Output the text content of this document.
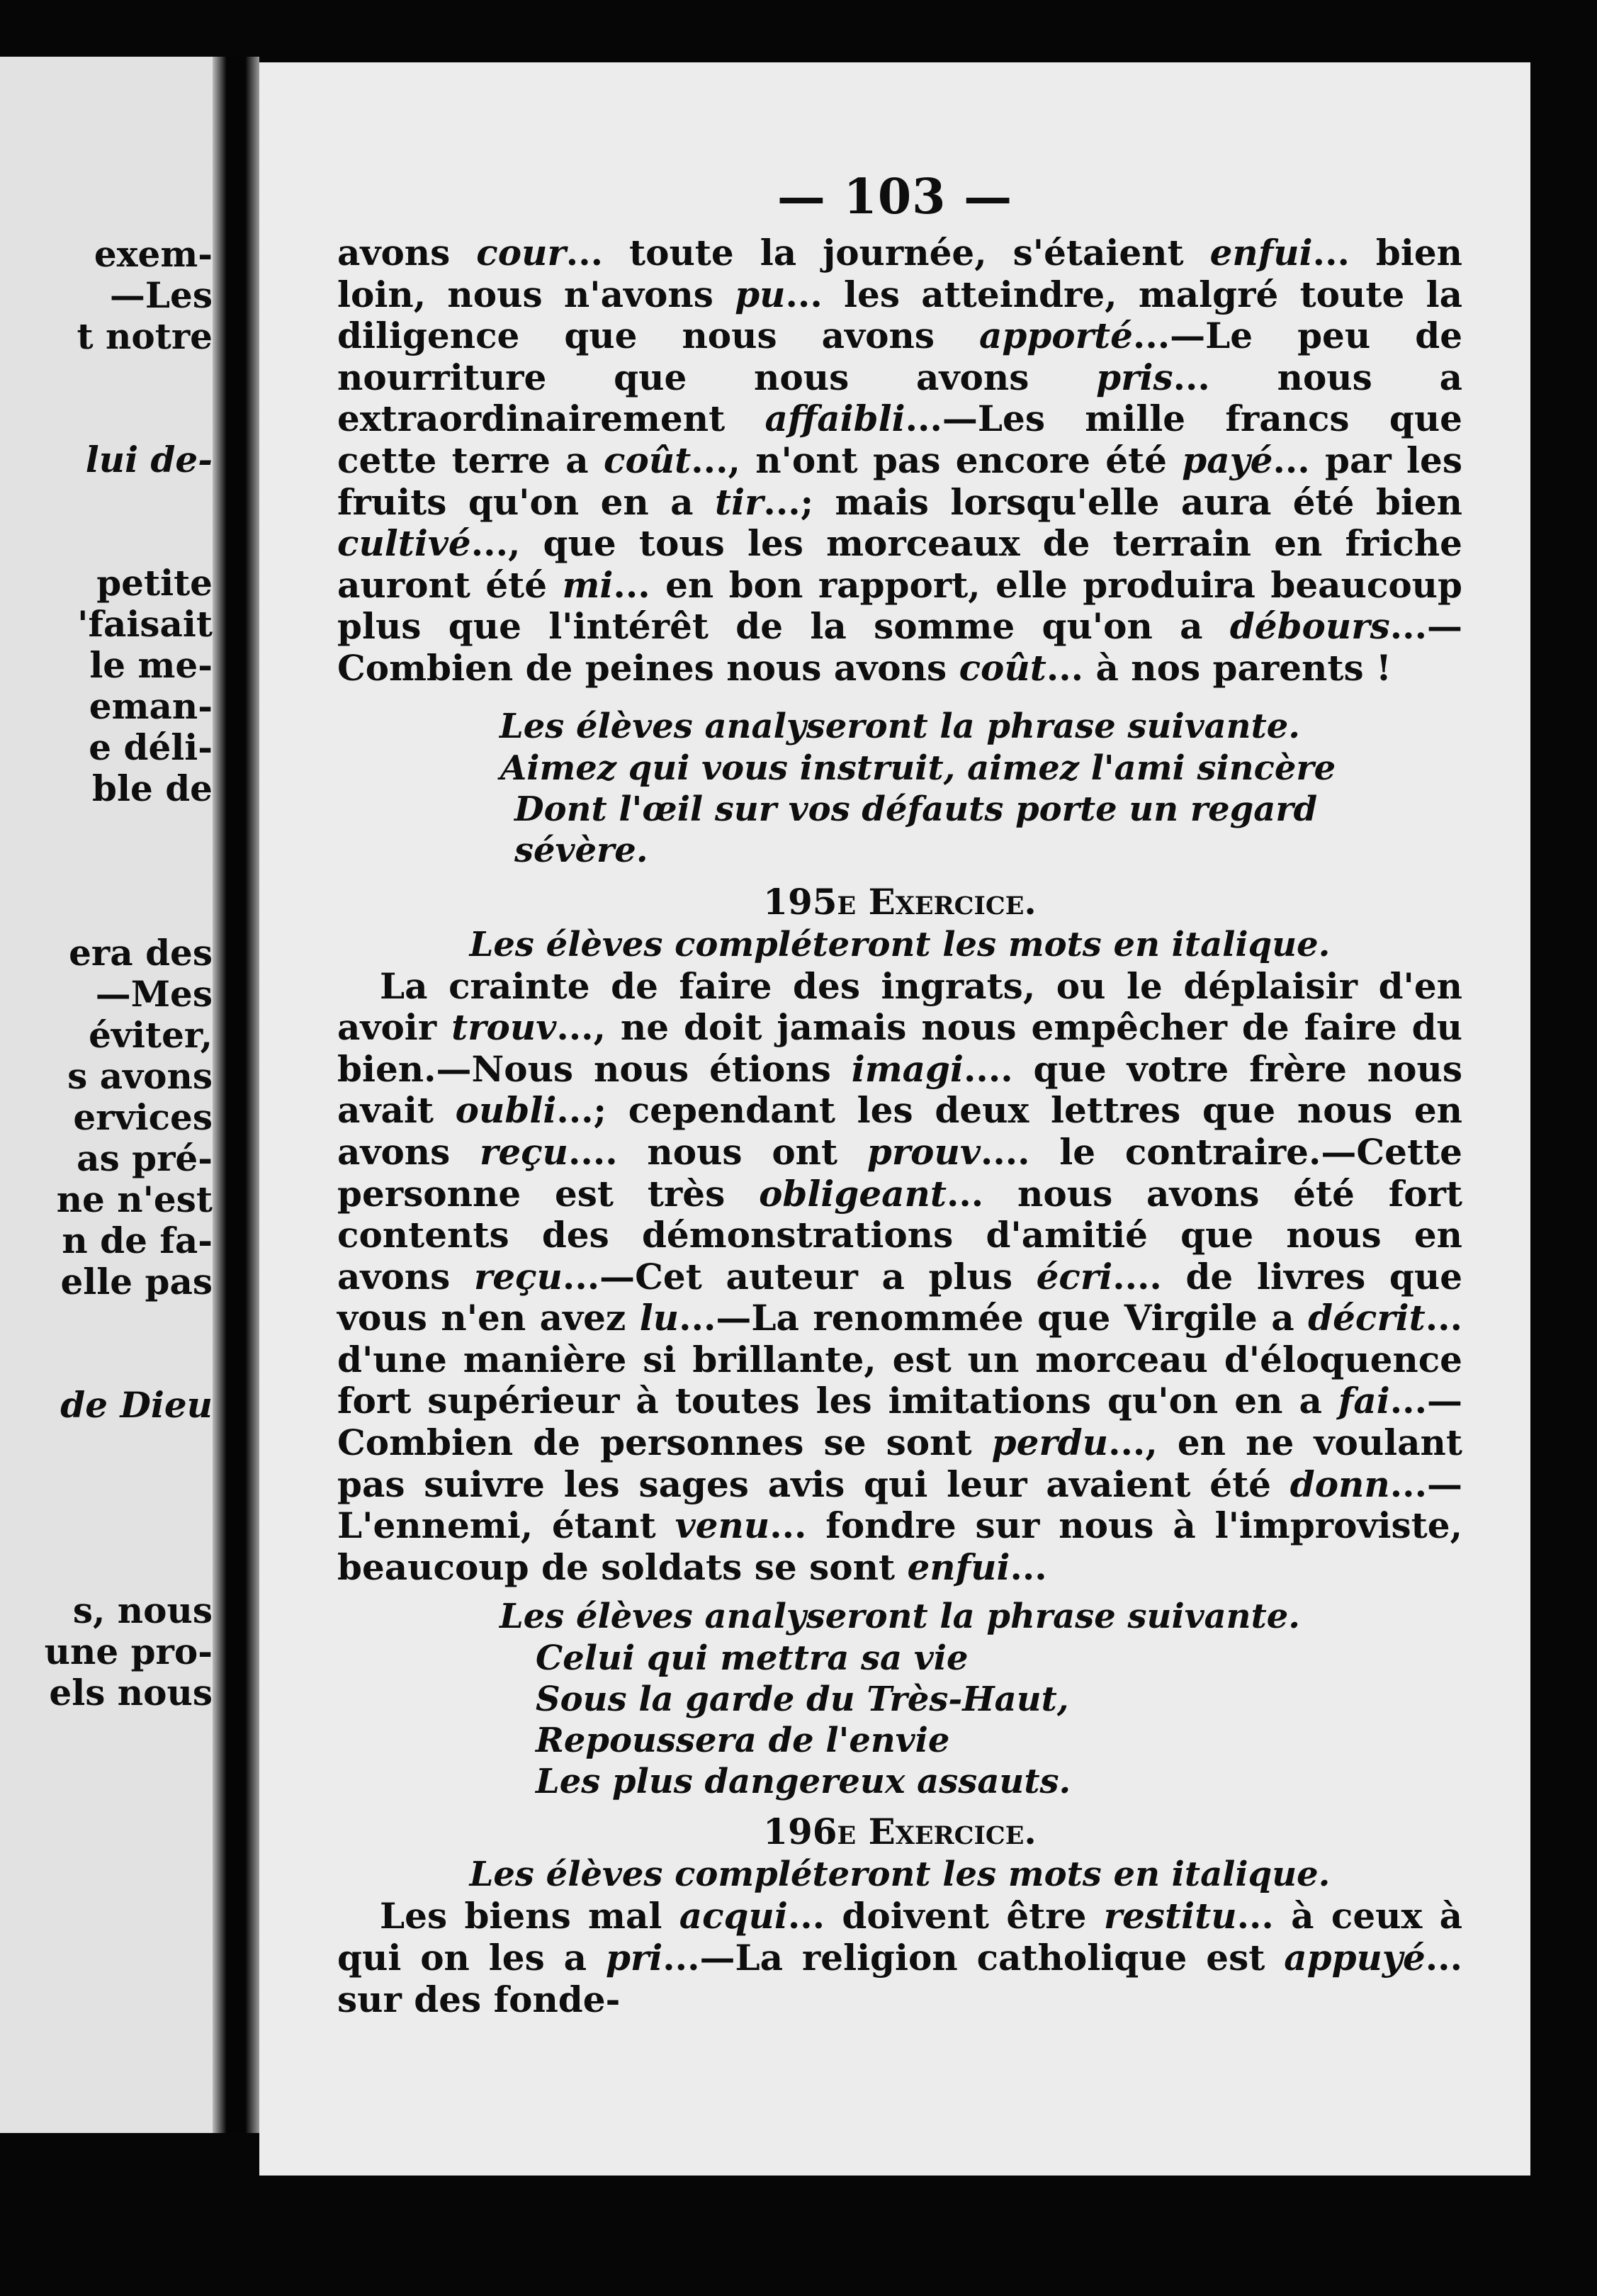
exem-
—Les
t notre
lui de-
petite
'faisait
le me-
eman-
e déli-
ble de
era des
—Mes
éviter,
s avons
ervices
as pré-
ne n'est
n de fa-
elle pas
de Dieu
s, nous
une pro-
els nous
— 103 —

avons cour... toute la journée, s'étaient enfui... bien loin, nous n'avons pu... les atteindre, malgré toute la diligence que nous avons apporté...—Le peu de nourriture que nous avons pris... nous a extraordinairement affaibli...—Les mille francs que cette terre a coût..., n'ont pas encore été payé... par les fruits qu'on en a tir...; mais lorsqu'elle aura été bien cultivé..., que tous les morceaux de terrain en friche auront été mi... en bon rapport, elle produira beaucoup plus que l'intérêt de la somme qu'on a débours...—Combien de peines nous avons coût... à nos parents !

Les élèves analyseront la phrase suivante.

Aimez qui vous instruit, aimez l'ami sincère

Dont l'œil sur vos défauts porte un regard sévère.

195e Exercice.

Les élèves compléteront les mots en italique.

La crainte de faire des ingrats, ou le déplaisir d'en avoir trouv..., ne doit jamais nous empêcher de faire du bien.—Nous nous étions imagi.... que votre frère nous avait oubli...; cependant les deux lettres que nous en avons reçu.... nous ont prouv.... le contraire.—Cette personne est très obligeant... nous avons été fort contents des démonstrations d'amitié que nous en avons reçu...—Cet auteur a plus écri.... de livres que vous n'en avez lu...—La renommée que Virgile a décrit... d'une manière si brillante, est un morceau d'éloquence fort supérieur à toutes les imitations qu'on en a fai...—Combien de personnes se sont perdu..., en ne voulant pas suivre les sages avis qui leur avaient été donn...—L'ennemi, étant venu... fondre sur nous à l'improviste, beaucoup de soldats se sont enfui...

Les élèves analyseront la phrase suivante.

Celui qui mettra sa vie

Sous la garde du Très-Haut,

Repoussera de l'envie

Les plus dangereux assauts.

196e Exercice.

Les élèves compléteront les mots en italique.

Les biens mal acqui... doivent être restitu... à ceux à qui on les a pri...—La religion catholique est appuyé... sur des fonde-
